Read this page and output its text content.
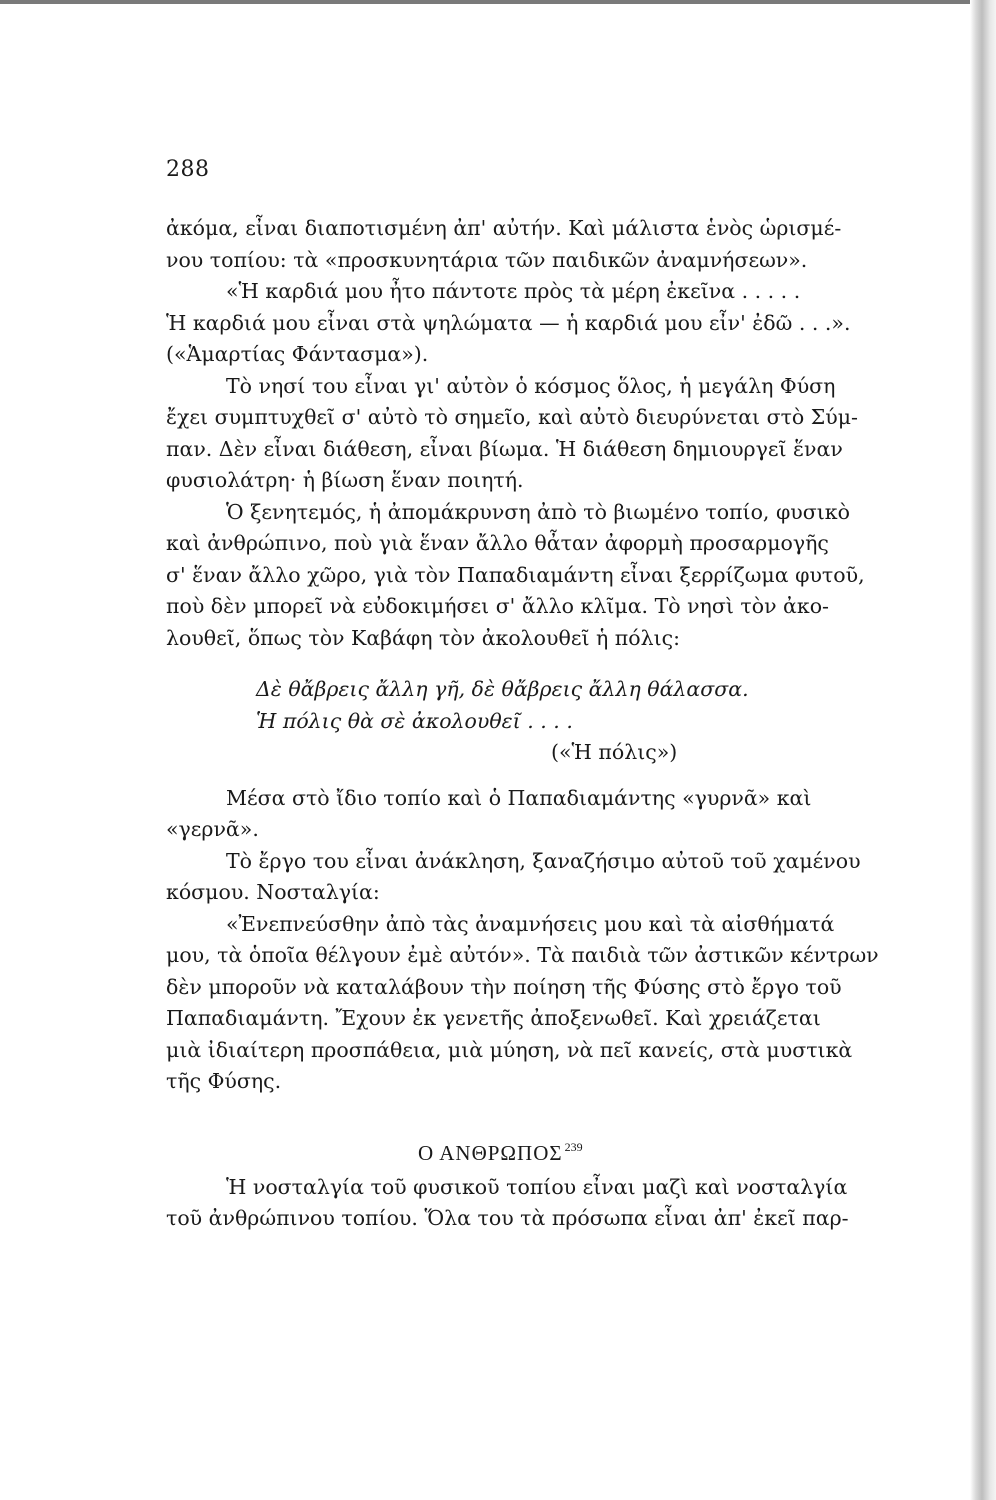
288
ἀκόμα, εἶναι διαποτισμένη ἀπ' αὐτήν. Καὶ μάλιστα ἑνὸς ὡρισμέ-
νου τοπίου: τὰ «προσκυνητάρια τῶν παιδικῶν ἀναμνήσεων».
«Ἡ καρδιά μου ἦτο πάντοτε πρὸς τὰ μέρη ἐκεῖνα . . . . .
Ἡ καρδιά μου εἶναι στὰ ψηλώματα — ἡ καρδιά μου εἶν' ἐδῶ . . .».
(«Ἁμαρτίας Φάντασμα»).
Τὸ νησί του εἶναι γι' αὐτὸν ὁ κόσμος ὅλος, ἡ μεγάλη Φύση
ἔχει συμπτυχθεῖ σ' αὐτὸ τὸ σημεῖο, καὶ αὐτὸ διευρύνεται στὸ Σύμ-
παν. Δὲν εἶναι διάθεση, εἶναι βίωμα. Ἡ διάθεση δημιουργεῖ ἕναν
φυσιολάτρη· ἡ βίωση ἕναν ποιητή.
Ὁ ξενητεμός, ἡ ἀπομάκρυνση ἀπὸ τὸ βιωμένο τοπίο, φυσικὸ
καὶ ἀνθρώπινο, ποὺ γιὰ ἕναν ἄλλο θἆταν ἀφορμὴ προσαρμογῆς
σ' ἕναν ἄλλο χῶρο, γιὰ τὸν Παπαδιαμάντη εἶναι ξερρίζωμα φυτοῦ,
ποὺ δὲν μπορεῖ νὰ εὐδοκιμήσει σ' ἄλλο κλῖμα. Τὸ νησὶ τὸν ἀκο-
λουθεῖ, ὅπως τὸν Καβάφη τὸν ἀκολουθεῖ ἡ πόλις:
Δὲ θἄβρεις ἄλλη γῆ, δὲ θἄβρεις ἄλλη θάλασσα.
Ἡ πόλις θὰ σὲ ἀκολουθεῖ . . . .
(«Ἡ πόλις»)
Μέσα στὸ ἴδιο τοπίο καὶ ὁ Παπαδιαμάντης «γυρνᾶ» καὶ
«γερνᾶ».
Τὸ ἔργο του εἶναι ἀνάκληση, ξαναζήσιμο αὐτοῦ τοῦ χαμένου
κόσμου. Νοσταλγία:
«Ἐνεπνεύσθην ἀπὸ τὰς ἀναμνήσεις μου καὶ τὰ αἰσθήματά
μου, τὰ ὁποῖα θέλγουν ἐμὲ αὐτόν». Τὰ παιδιὰ τῶν ἀστικῶν κέντρων
δὲν μποροῦν νὰ καταλάβουν τὴν ποίηση τῆς Φύσης στὸ ἔργο τοῦ
Παπαδιαμάντη. Ἔχουν ἐκ γενετῆς ἀποξενωθεῖ. Καὶ χρειάζεται
μιὰ ἰδιαίτερη προσπάθεια, μιὰ μύηση, νὰ πεῖ κανείς, στὰ μυστικὰ
τῆς Φύσης.
Ο ΑΝΘΡΩΠΟΣ $^{239}$
Ἡ νοσταλγία τοῦ φυσικοῦ τοπίου εἶναι μαζὶ καὶ νοσταλγία
τοῦ ἀνθρώπινου τοπίου. Ὅλα του τὰ πρόσωπα εἶναι ἀπ' ἐκεῖ παρ-
